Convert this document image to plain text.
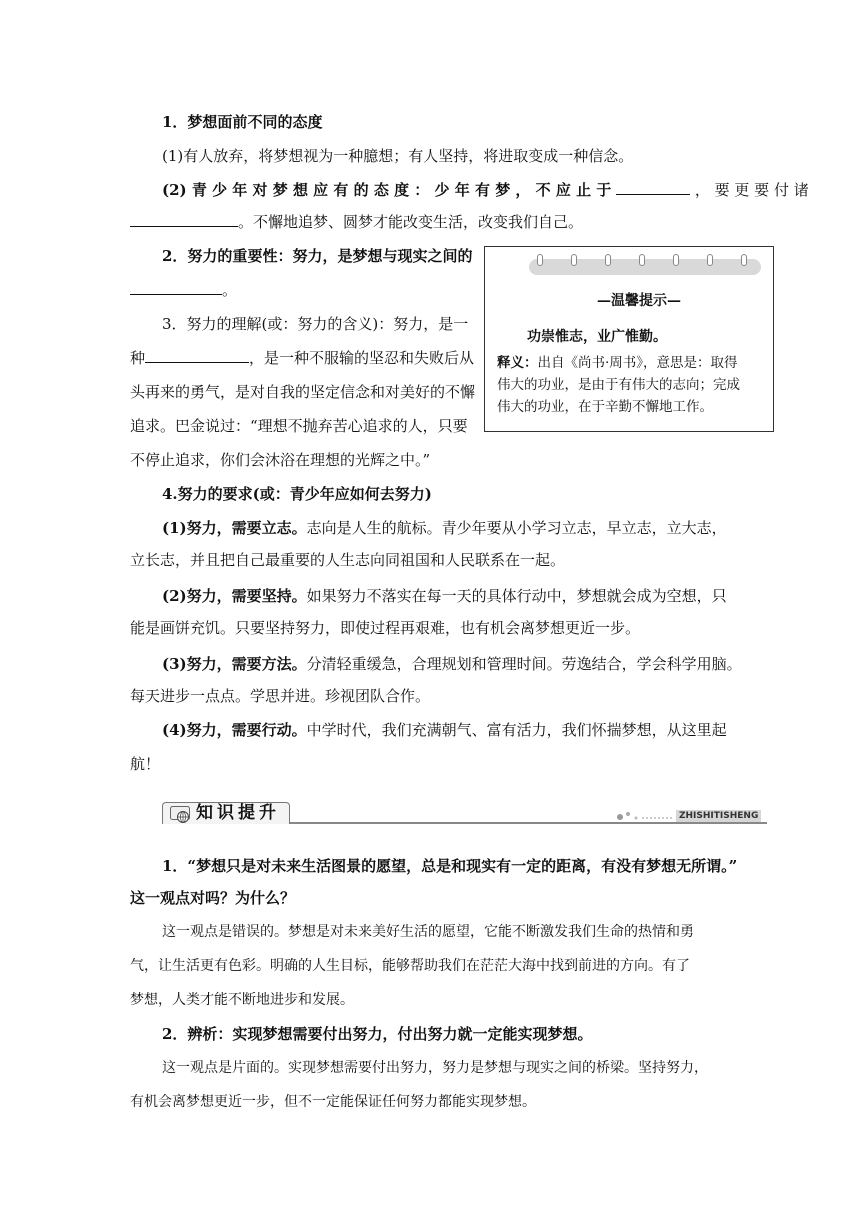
1．梦想面前不同的态度
(1)有人放弃，将梦想视为一种臆想；有人坚持，将进取变成一种信念。
(2) 青 少 年 对 梦 想 应 有 的 态 度 ： 少 年 有 梦 ， 不 应 止 于	， 要 更 要 付 诸
。不懈地追梦、圆梦才能改变生活，改变我们自己。
2．努力的重要性：努力，是梦想与现实之间的
。
3．努力的理解(或：努力的含义)：努力，是一
种	，是一种不服输的坚忍和失败后从
头再来的勇气，是对自我的坚定信念和对美好的不懈
追求。巴金说过：“理想不抛弃苦心追求的人，只要
不停止追求，你们会沐浴在理想的光辉之中。”
—温馨提示—
功崇惟志，业广惟勤。
释义：出自《尚书·周书》，意思是：取得
伟大的功业，是由于有伟大的志向；完成
伟大的功业，在于辛勤不懈地工作。
4.努力的要求(或：青少年应如何去努力)
(1)努力，需要立志。志向是人生的航标。青少年要从小学习立志，早立志，立大志，
立长志，并且把自己最重要的人生志向同祖国和人民联系在一起。
(2)努力，需要坚持。如果努力不落实在每一天的具体行动中，梦想就会成为空想，只
能是画饼充饥。只要坚持努力，即使过程再艰难，也有机会离梦想更近一步。
(3)努力，需要方法。分清轻重缓急，合理规划和管理时间。劳逸结合，学会科学用脑。
每天进步一点点。学思并进。珍视团队合作。
(4)努力，需要行动。中学时代，我们充满朝气、富有活力，我们怀揣梦想，从这里起
航！
知识提升	ZHISHITISHENG
1．“梦想只是对未来生活图景的愿望，总是和现实有一定的距离，有没有梦想无所谓。”
这一观点对吗？为什么？
这一观点是错误的。梦想是对未来美好生活的愿望，它能不断激发我们生命的热情和勇
气，让生活更有色彩。明确的人生目标，能够帮助我们在茫茫大海中找到前进的方向。有了
梦想，人类才能不断地进步和发展。
2．辨析：实现梦想需要付出努力，付出努力就一定能实现梦想。
这一观点是片面的。实现梦想需要付出努力，努力是梦想与现实之间的桥梁。坚持努力，
有机会离梦想更近一步，但不一定能保证任何努力都能实现梦想。
